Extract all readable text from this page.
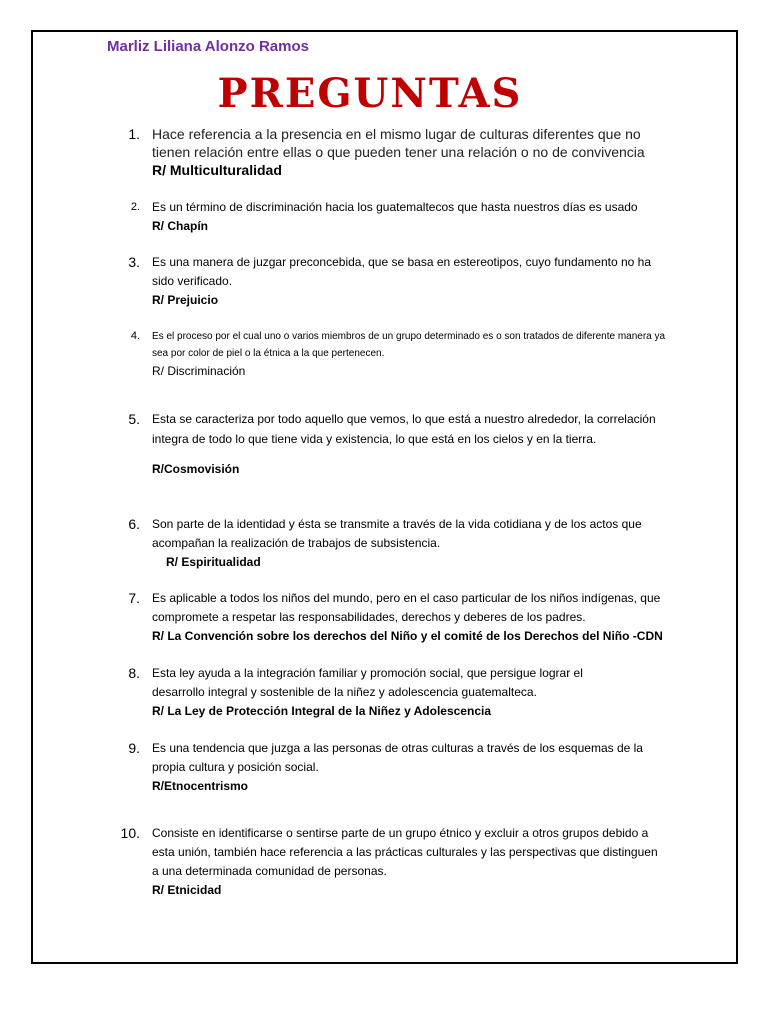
Marliz Liliana Alonzo Ramos
PREGUNTAS
1. Hace referencia a la presencia en el mismo lugar de culturas diferentes que no tienen relación entre ellas o que pueden tener una relación o no de convivencia
R/ Multiculturalidad
2. Es un término de discriminación hacia los guatemaltecos que hasta nuestros días es usado
R/ Chapín
3. Es una manera de juzgar preconcebida, que se basa en estereotipos, cuyo fundamento no ha sido verificado.
R/ Prejuicio
4. Es el proceso por el cual uno o varios miembros de un grupo determinado es o son tratados de diferente manera ya sea por color de piel o la étnica a la que pertenecen.
R/ Discriminación
5. Esta se caracteriza por todo aquello que vemos, lo que está a nuestro alrededor, la correlación integra de todo lo que tiene vida y existencia, lo que está en los cielos y en la tierra.
R/Cosmovisión
6. Son parte de la identidad y ésta se transmite a través de la vida cotidiana y de los actos que acompañan la realización de trabajos de subsistencia.
R/ Espiritualidad
7. Es aplicable a todos los niños del mundo, pero en el caso particular de los niños indígenas, que compromete a respetar las responsabilidades, derechos y deberes de los padres.
R/ La Convención sobre los derechos del Niño y el comité de los Derechos del Niño -CDN
8. Esta ley ayuda a la integración familiar y promoción social, que persigue lograr el desarrollo integral y sostenible de la niñez y adolescencia guatemalteca.
R/ La Ley de Protección Integral de la Niñez y Adolescencia
9. Es una tendencia que juzga a las personas de otras culturas a través de los esquemas de la propia cultura y posición social.
R/Etnocentrismo
10. Consiste en identificarse o sentirse parte de un grupo étnico y excluir a otros grupos debido a esta unión, también hace referencia a las prácticas culturales y las perspectivas que distinguen a una determinada comunidad de personas.
R/ Etnicidad
